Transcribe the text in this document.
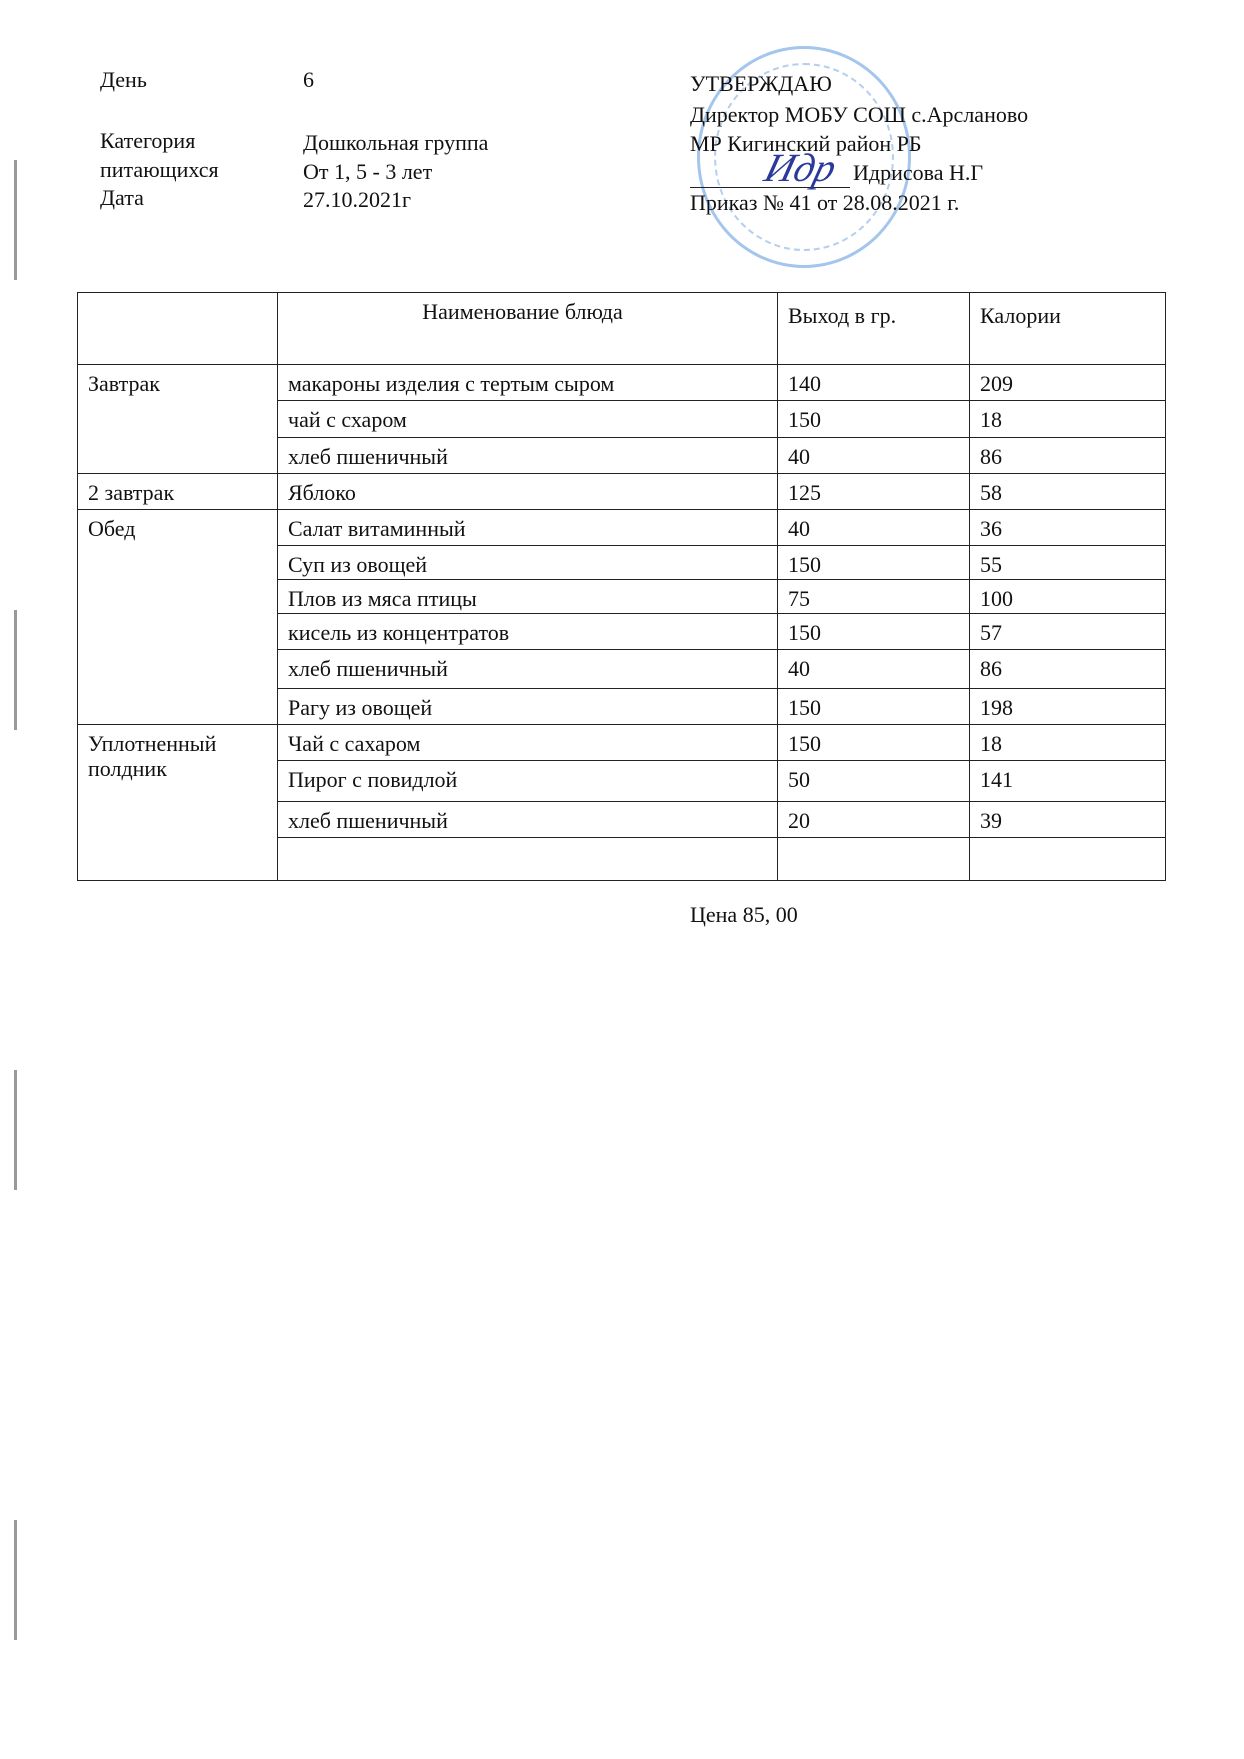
День	6
Категория
питающихся
Дошкольная группа
От 1, 5 - 3 лет
Дата	27.10.2021г
УТВЕРЖДАЮ
Директор МОБУ СОШ с.Арсланово
МР Кигинский район РБ
Идр Идрисова Н.Г
Приказ № 41 от 28.08.2021 г.
	Наименование блюда	Выход в гр.	Калории
Завтрак	макароны изделия с тертым сыром	140	209
	чай с схаром	150	18
	хлеб пшеничный	40	86
2 завтрак	Яблоко	125	58
Обед	Салат витаминный	40	36
	Суп из овощей	150	55
	Плов из мяса птицы	75	100
	кисель из концентратов	150	57
	хлеб пшеничный	40	86
	Рагу из овощей	150	198
Уплотненный полдник	Чай с сахаром	150	18
	Пирог с повидлой	50	141
	хлеб пшеничный	20	39

Цена 85, 00
